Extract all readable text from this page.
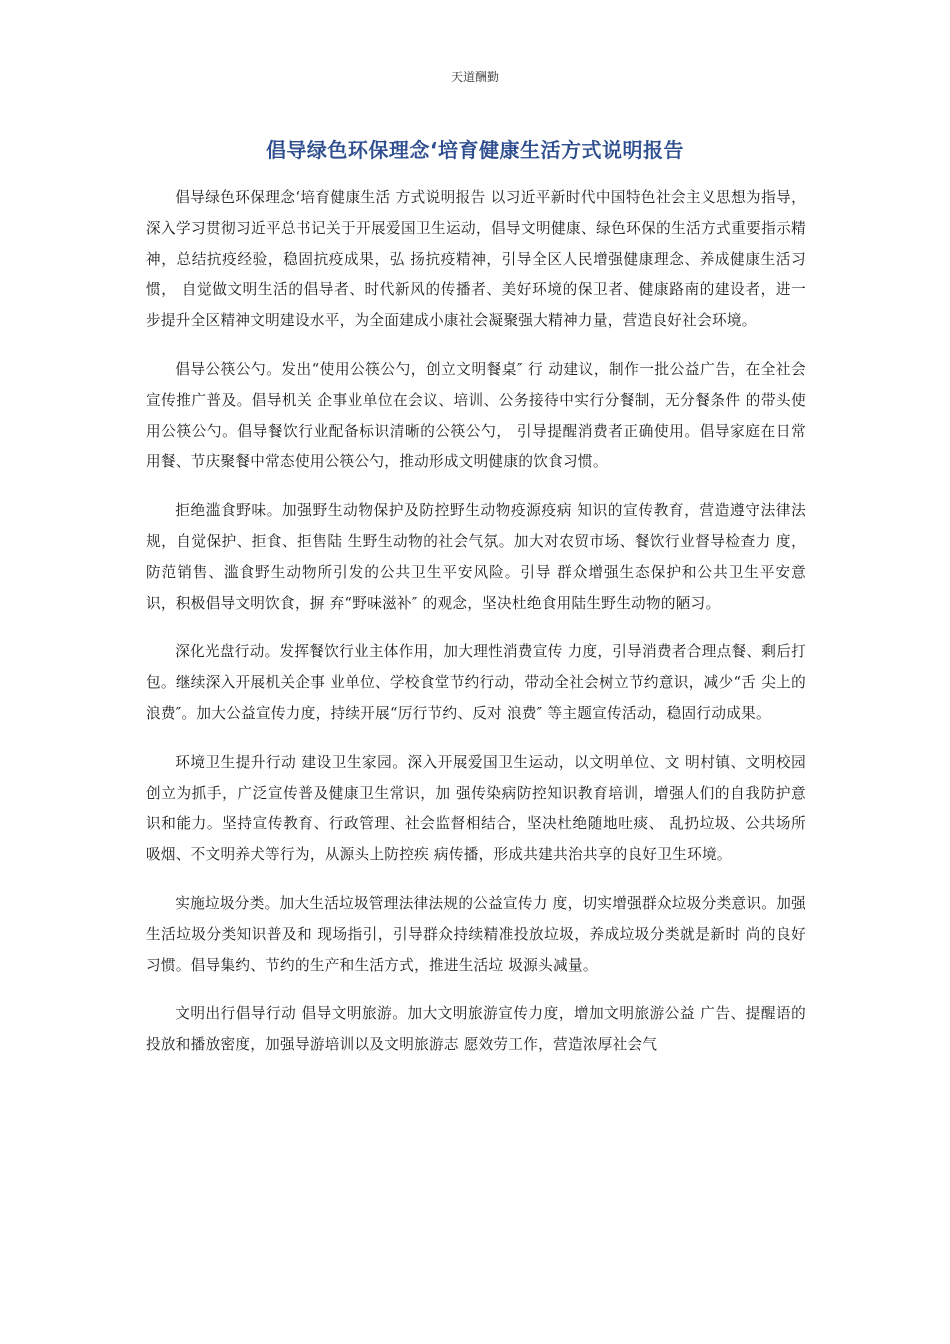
天道酬勤
倡导绿色环保理念‘培育健康生活方式说明报告

倡导绿色环保理念‘培育健康生活 方式说明报告 以习近平新时代中国特色社会主义思想为指导，深入学习贯彻习近平总书记关于开展爱国卫生运动，倡导文明健康、绿色环保的生活方式重要指示精神，总结抗疫经验，稳固抗疫成果，弘 扬抗疫精神，引导全区人民增强健康理念、养成健康生活习惯， 自觉做文明生活的倡导者、时代新风的传播者、美好环境的保卫者、健康路南的建设者，进一步提升全区精神文明建设水平，为全面建成小康社会凝聚强大精神力量，营造良好社会环境。

倡导公筷公勺。发出“使用公筷公勺，创立文明餐桌″ 行 动建议，制作一批公益广告，在全社会宣传推广普及。倡导机关 企事业单位在会议、培训、公务接待中实行分餐制，无分餐条件 的带头使用公筷公勺。倡导餐饮行业配备标识清晰的公筷公勺， 引导提醒消费者正确使用。倡导家庭在日常用餐、节庆聚餐中常态使用公筷公勺，推动形成文明健康的饮食习惯。

拒绝滥食野味。加强野生动物保护及防控野生动物疫源疫病 知识的宣传教育，营造遵守法律法规，自觉保护、拒食、拒售陆 生野生动物的社会气氛。加大对农贸市场、餐饮行业督导检查力 度，防范销售、滥食野生动物所引发的公共卫生平安风险。引导 群众增强生态保护和公共卫生平安意识，积极倡导文明饮食，摒 弃“野味滋补″ 的观念，坚决杜绝食用陆生野生动物的陋习。

深化光盘行动。发挥餐饮行业主体作用，加大理性消费宣传 力度，引导消费者合理点餐、剩后打包。继续深入开展机关企事 业单位、学校食堂节约行动，带动全社会树立节约意识，减少“舌 尖上的浪费″。加大公益宣传力度，持续开展“厉行节约、反对 浪费″ 等主题宣传活动，稳固行动成果。

环境卫生提升行动 建设卫生家园。深入开展爱国卫生运动，以文明单位、文 明村镇、文明校园创立为抓手，广泛宣传普及健康卫生常识，加 强传染病防控知识教育培训，增强人们的自我防护意识和能力。坚持宣传教育、行政管理、社会监督相结合，坚决杜绝随地吐痰、 乱扔垃圾、公共场所吸烟、不文明养犬等行为，从源头上防控疾 病传播，形成共建共治共享的良好卫生环境。

实施垃圾分类。加大生活垃圾管理法律法规的公益宣传力 度，切实增强群众垃圾分类意识。加强生活垃圾分类知识普及和 现场指引，引导群众持续精准投放垃圾，养成垃圾分类就是新时 尚的良好习惯。倡导集约、节约的生产和生活方式，推进生活垃 圾源头减量。

文明出行倡导行动 倡导文明旅游。加大文明旅游宣传力度，增加文明旅游公益 广告、提醒语的投放和播放密度，加强导游培训以及文明旅游志 愿效劳工作，营造浓厚社会气
